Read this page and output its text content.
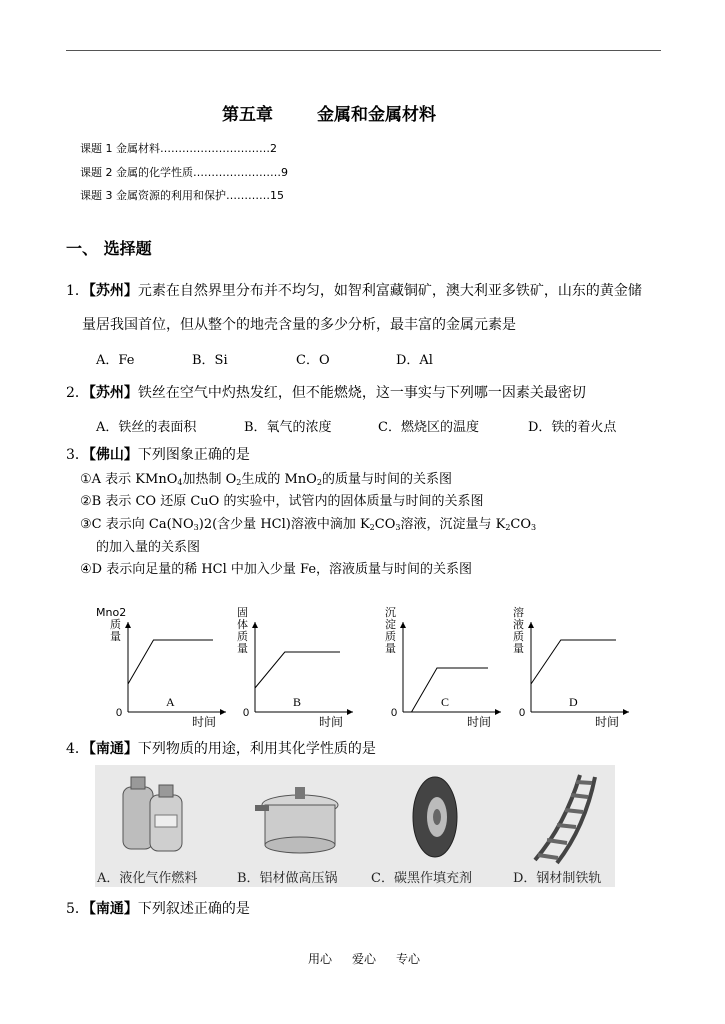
第五章	金属和金属材料
课题 1 金属材料…………………………2
课题 2 金属的化学性质……………………9
课题 3 金属资源的利用和保护…………15
一、 选择题
1．【苏州】元素在自然界里分布并不均匀，如智利富藏铜矿，澳大利亚多铁矿，山东的黄金储
量居我国首位，但从整个的地壳含量的多少分析，最丰富的金属元素是
A．Fe	B．Si	C．O	D．Al
2．【苏州】铁丝在空气中灼热发红，但不能燃烧，这一事实与下列哪一因素关最密切
A．铁丝的表面积	B．氧气的浓度	C．燃烧区的温度	D．铁的着火点
3．【佛山】下列图象正确的是
①A 表示 KMnO$_4$加热制 $O_2$生成的 MnO$_2$的质量与时间的关系图
②B 表示 CO 还原 CuO 的实验中，试管内的固体质量与时间的关系图
③C 表示向 $Ca(NO_3)2$(含少量 HCl)溶液中滴加 $K_2CO_3$溶液，沉淀量与 $K_2CO_3$
的加入量的关系图
④D 表示向足量的稀 HCl 中加入少量 Fe，溶液质量与时间的关系图
0
A
时间
Mno2 质量
0
B
时间
固体质量
0
C
时间
沉淀质量
0
D
时间
溶液质量
4．【南通】下列物质的用途，利用其化学性质的是
A．液化气作燃料	B．铝材做高压锅	C．碳黑作填充剂	D．钢材制铁轨
5．【南通】下列叙述正确的是
用心 爱心 专心
